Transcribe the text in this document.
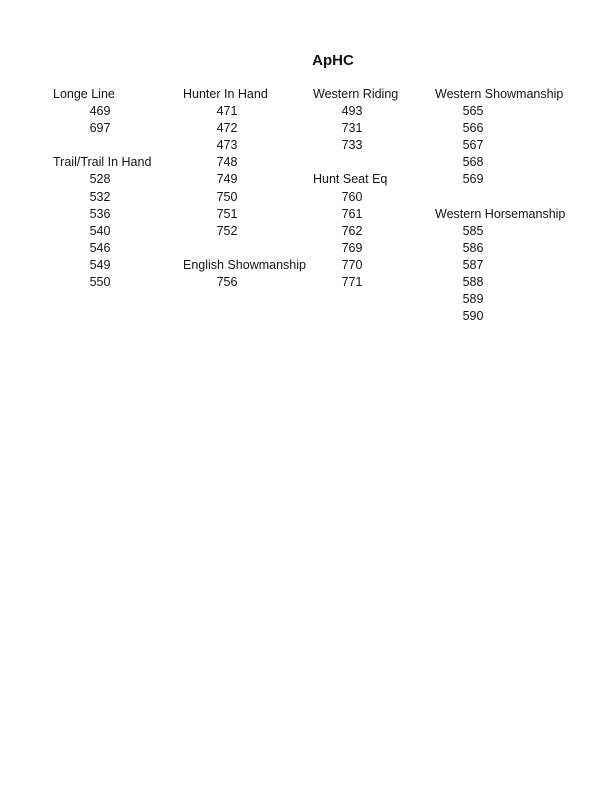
ApHC
Longe Line
469
697
Trail/Trail In Hand
528
532
536
540
546
549
550
Hunter In Hand
471
472
473
748
749
750
751
752
English Showmanship
756
Western Riding
493
731
733
Hunt Seat Eq
760
761
762
769
770
771
Western Showmanship
565
566
567
568
569
Western Horsemanship
585
586
587
588
589
590
